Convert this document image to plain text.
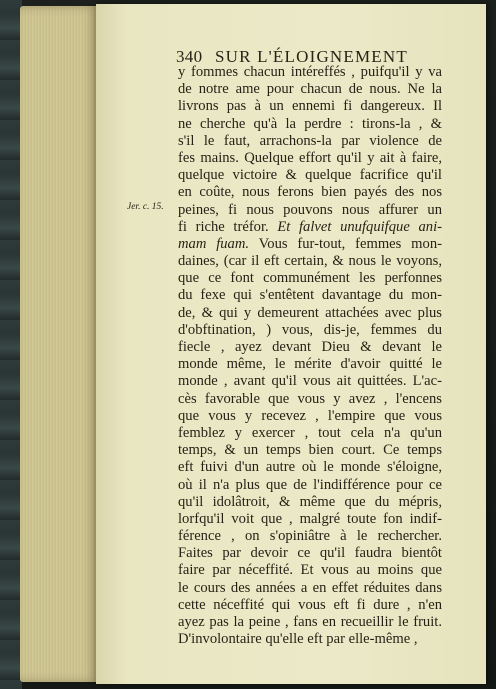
340 SUR L'ÉLOIGNEMENT
Jer. c. 15.
y fommes chacun intéreffés , puifqu'il y va
de notre ame pour chacun de nous. Ne la
livrons pas à un ennemi fi dangereux. Il
ne cherche qu'à la perdre : tirons-la , &
s'il le faut, arrachons-la par violence de
fes mains. Quelque effort qu'il y ait à faire,
quelque victoire & quelque facrifice qu'il
en coûte, nous ferons bien payés des nos
peines, fi nous pouvons nous affurer un
fi riche tréfor. Et falvet unufquifque ani-
mam fuam. Vous fur-tout, femmes mon-
daines, (car il eft certain, & nous le voyons,
que ce font communément les perfonnes
du fexe qui s'entêtent davantage du mon-
de, & qui y demeurent attachées avec plus
d'obftination, ) vous, dis-je, femmes du
fiecle , ayez devant Dieu & devant le
monde même, le mérite d'avoir quitté le
monde , avant qu'il vous ait quittées. L'ac-
cès favorable que vous y avez , l'encens
que vous y recevez , l'empire que vous
femblez y exercer , tout cela n'a qu'un
temps, & un temps bien court. Ce temps
eft fuivi d'un autre où le monde s'éloigne,
où il n'a plus que de l'indifférence pour ce
qu'il idolâtroit, & même que du mépris,
lorfqu'il voit que , malgré toute fon indif-
férence , on s'opiniâtre à le rechercher.
Faites par devoir ce qu'il faudra bientôt
faire par néceffité. Et vous au moins que
le cours des années a en effet réduites dans
cette néceffité qui vous eft fi dure , n'en
ayez pas la peine , fans en recueillir le fruit.
D'involontaire qu'elle eft par elle-même ,
